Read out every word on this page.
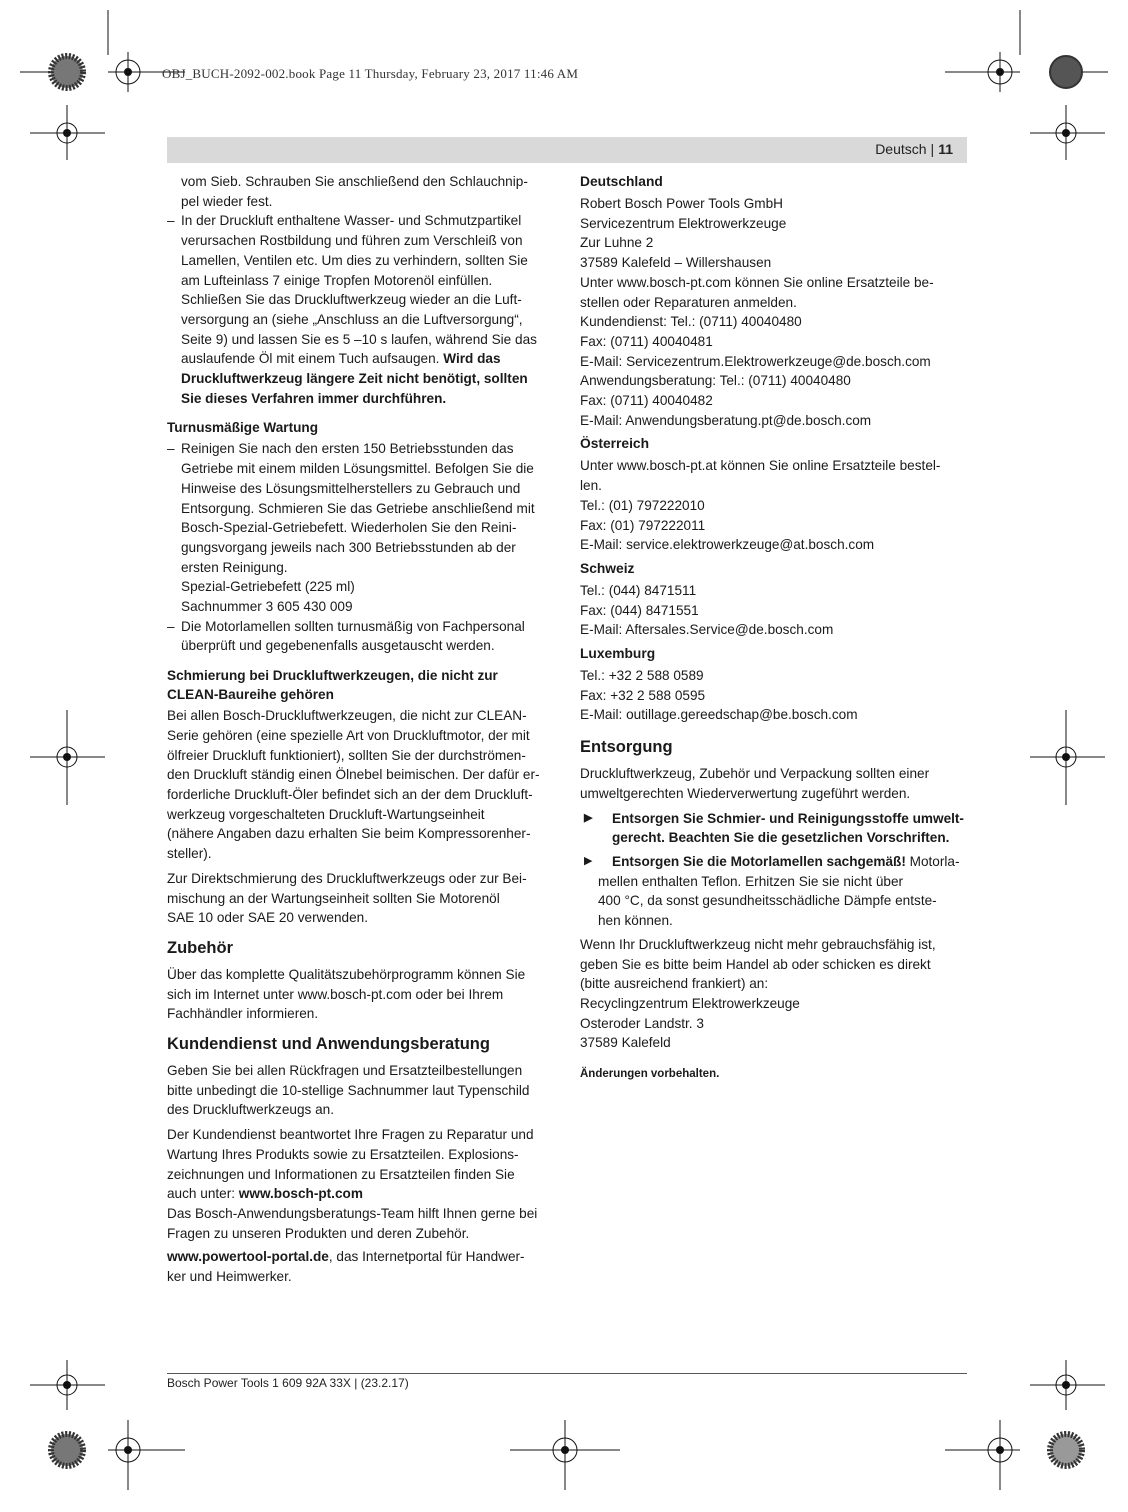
OBJ_BUCH-2092-002.book Page 11 Thursday, February 23, 2017 11:46 AM
Deutsch | 11
vom Sieb. Schrauben Sie anschließend den Schlauchnip-
pel wieder fest.
– In der Druckluft enthaltene Wasser- und Schmutzpartikel
verursachen Rostbildung und führen zum Verschleiß von
Lamellen, Ventilen etc. Um dies zu verhindern, sollten Sie
am Lufteinlass 7 einige Tropfen Motorenöl einfüllen.
Schließen Sie das Druckluftwerkzeug wieder an die Luft-
versorgung an (siehe „Anschluss an die Luftversorgung“,
Seite 9) und lassen Sie es 5 –10 s laufen, während Sie das
auslaufende Öl mit einem Tuch aufsaugen. Wird das
Druckluftwerkzeug längere Zeit nicht benötigt, sollten
Sie dieses Verfahren immer durchführen.
Turnusmäßige Wartung
– Reinigen Sie nach den ersten 150 Betriebsstunden das
Getriebe mit einem milden Lösungsmittel. Befolgen Sie die
Hinweise des Lösungsmittelherstellers zu Gebrauch und
Entsorgung. Schmieren Sie das Getriebe anschließend mit
Bosch-Spezial-Getriebefett. Wiederholen Sie den Reini-
gungsvorgang jeweils nach 300 Betriebsstunden ab der
ersten Reinigung.
Spezial-Getriebefett (225 ml)
Sachnummer 3 605 430 009
– Die Motorlamellen sollten turnusmäßig von Fachpersonal
überprüft und gegebenenfalls ausgetauscht werden.
Schmierung bei Druckluftwerkzeugen, die nicht zur
CLEAN-Baureihe gehören

Bei allen Bosch-Druckluftwerkzeugen, die nicht zur CLEAN-
Serie gehören (eine spezielle Art von Druckluftmotor, der mit
ölfreier Druckluft funktioniert), sollten Sie der durchströmen-
den Druckluft ständig einen Ölnebel beimischen. Der dafür er-
forderliche Druckluft-Öler befindet sich an der dem Druckluft-
werkzeug vorgeschalteten Druckluft-Wartungseinheit
(nähere Angaben dazu erhalten Sie beim Kompressorenher-
steller).

Zur Direktschmierung des Druckluftwerkzeugs oder zur Bei-
mischung an der Wartungseinheit sollten Sie Motorenöl
SAE 10 oder SAE 20 verwenden.

Zubehör

Über das komplette Qualitätszubehörprogramm können Sie
sich im Internet unter www.bosch-pt.com oder bei Ihrem
Fachhändler informieren.

Kundendienst und Anwendungsberatung

Geben Sie bei allen Rückfragen und Ersatzteilbestellungen
bitte unbedingt die 10-stellige Sachnummer laut Typenschild
des Druckluftwerkzeugs an.

Der Kundendienst beantwortet Ihre Fragen zu Reparatur und
Wartung Ihres Produkts sowie zu Ersatzteilen. Explosions-
zeichnungen und Informationen zu Ersatzteilen finden Sie
auch unter: www.bosch-pt.com
Das Bosch-Anwendungsberatungs-Team hilft Ihnen gerne bei
Fragen zu unseren Produkten und deren Zubehör.

www.powertool-portal.de, das Internetportal für Handwer-
ker und Heimwerker.

Deutschland
Robert Bosch Power Tools GmbH
Servicezentrum Elektrowerkzeuge
Zur Luhne 2
37589 Kalefeld – Willershausen
Unter www.bosch-pt.com können Sie online Ersatzteile be-
stellen oder Reparaturen anmelden.
Kundendienst: Tel.: (0711) 40040480
Fax: (0711) 40040481
E-Mail: Servicezentrum.Elektrowerkzeuge@de.bosch.com
Anwendungsberatung: Tel.: (0711) 40040480
Fax: (0711) 40040482
E-Mail: Anwendungsberatung.pt@de.bosch.com
Österreich
Unter www.bosch-pt.at können Sie online Ersatzteile bestel-
len.
Tel.: (01) 797222010
Fax: (01) 797222011
E-Mail: service.elektrowerkzeuge@at.bosch.com
Schweiz
Tel.: (044) 8471511
Fax: (044) 8471551
E-Mail: Aftersales.Service@de.bosch.com
Luxemburg
Tel.: +32 2 588 0589
Fax: +32 2 588 0595
E-Mail: outillage.gereedschap@be.bosch.com
Entsorgung

Druckluftwerkzeug, Zubehör und Verpackung sollten einer
umweltgerechten Wiederverwertung zugeführt werden.

▶ Entsorgen Sie Schmier- und Reinigungsstoffe umwelt-
gerecht. Beachten Sie die gesetzlichen Vorschriften.
▶ Entsorgen Sie die Motorlamellen sachgemäß! Motorla-
mellen enthalten Teflon. Erhitzen Sie sie nicht über
400 °C, da sonst gesundheitsschädliche Dämpfe entste-
hen können.

Wenn Ihr Druckluftwerkzeug nicht mehr gebrauchsfähig ist,
geben Sie es bitte beim Handel ab oder schicken es direkt
(bitte ausreichend frankiert) an:
Recyclingzentrum Elektrowerkzeuge
Osteroder Landstr. 3
37589 Kalefeld

Änderungen vorbehalten.
Bosch Power Tools 1 609 92A 33X | (23.2.17)
